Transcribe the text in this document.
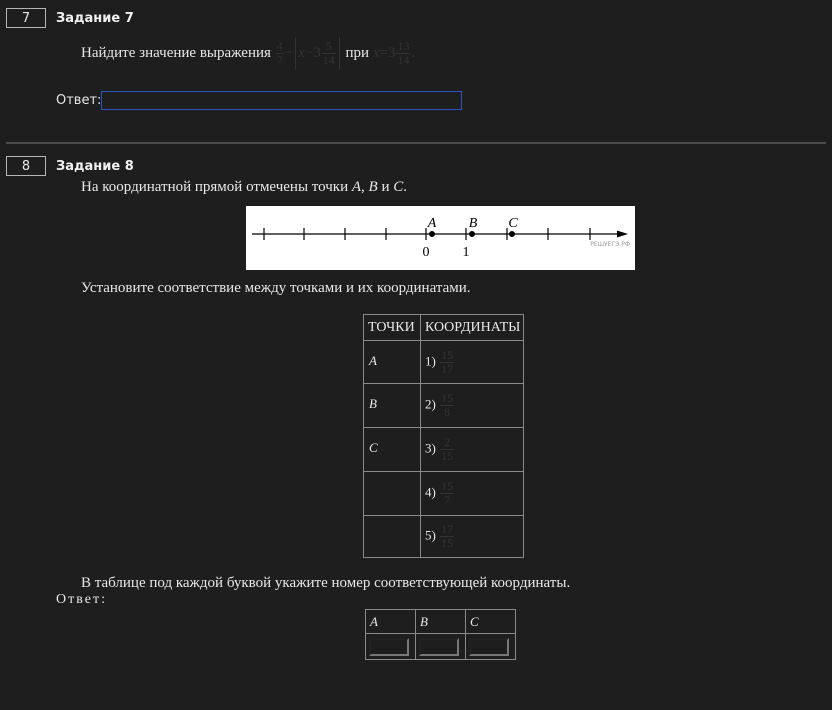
7	Задание 7
Найдите значение выражения
$\frac{4}{7} - x - 3 \frac{5}{14}$
при
$x = 3 \frac{13}{14}$ .
Ответ:
8	Задание 8
На координатной прямой отмечены точки A, B и C.
A B C
0 1
РЕШУЕГЭ.РФ
Установите соответствие между точками и их координатами.
ТОЧКИ	КООРДИНАТЫ
A	$1) \frac{15}{17}$

B	$2) \frac{15}{8}$

C	$3) \frac{2}{15}$

	$4) \frac{15}{7}$

	$5) \frac{17}{15}$
В таблице под каждой буквой укажите номер соответствующей координаты.
Ответ:
A	B	C
